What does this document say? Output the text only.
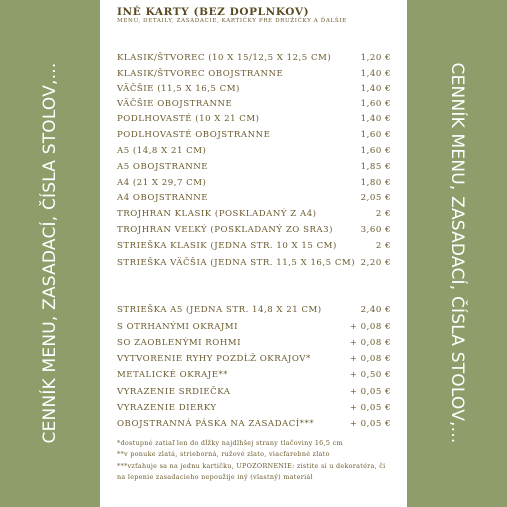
CENNÍK MENU, ZASADACÍ, ČÍSLA STOLOV,...
INÉ KARTY (BEZ DOPLNKOV)
MENU, DETAILY, ZASADACIE, KARTIČKY PRE DRUŽIČKY A ĎALŠIE
KLASIK/ŠTVOREC (10 X 15/12,5 X 12,5 CM)	1,20 €
KLASIK/ŠTVOREC OBOJSTRANNE	1,40 €
VÄČŠIE (11,5 X 16,5 CM)	1,40 €
VÄČŠIE OBOJSTRANNE	1,60 €
PODLHOVASTÉ (10 X 21 CM)	1,40 €
PODLHOVASTÉ OBOJSTRANNE	1,60 €
A5 (14,8 X 21 CM)	1,60 €
A5 OBOJSTRANNE	1,85 €
A4 (21 X 29,7 CM)	1,80 €
A4 OBOJSTRANNE	2,05 €
TROJHRAN KLASIK (POSKLADANÝ Z A4)	2 €
TROJHRAN VEĽKÝ (POSKLADANÝ ZO SRA3)	3,60 €
STRIEŠKA KLASIK (JEDNA STR. 10 X 15 CM)	2 €
STRIEŠKA VÄČŠIA (JEDNA STR. 11,5 X 16,5 CM) 2,20 €
STRIEŠKA A5 (JEDNA STR. 14,8 X 21 CM)	2,40 €
S OTRHANÝMI OKRAJMI	+ 0,08 €
SO ZAOBLENÝMI ROHMI	+ 0,08 €
VYTVORENIE RYHY POZDĹŽ OKRAJOV*	+ 0,08 €
METALICKÉ OKRAJE**	+ 0,50 €
VYRAZENIE SRDIEČKA	+ 0,05 €
VYRAZENIE DIERKY	+ 0,05 €
OBOJSTRANNÁ PÁSKA NA ZASADACÍ***	+ 0,05 €
*dostupné zatiaľ len do dĺžky najdlhšej strany tlačoviny 16,5 cm
**v ponuke zlatá, strieborná, ružové zlato, viacfarebné zlato
***vzťahuje sa na jednu kartičku, UPOZORNENIE: zistite si u dekoratéra, či na lepenie zasadacieho nepoužije iný (vlastný) materiál
CENNÍK MENU, ZASADACÍ, ČÍSLA STOLOV,...
